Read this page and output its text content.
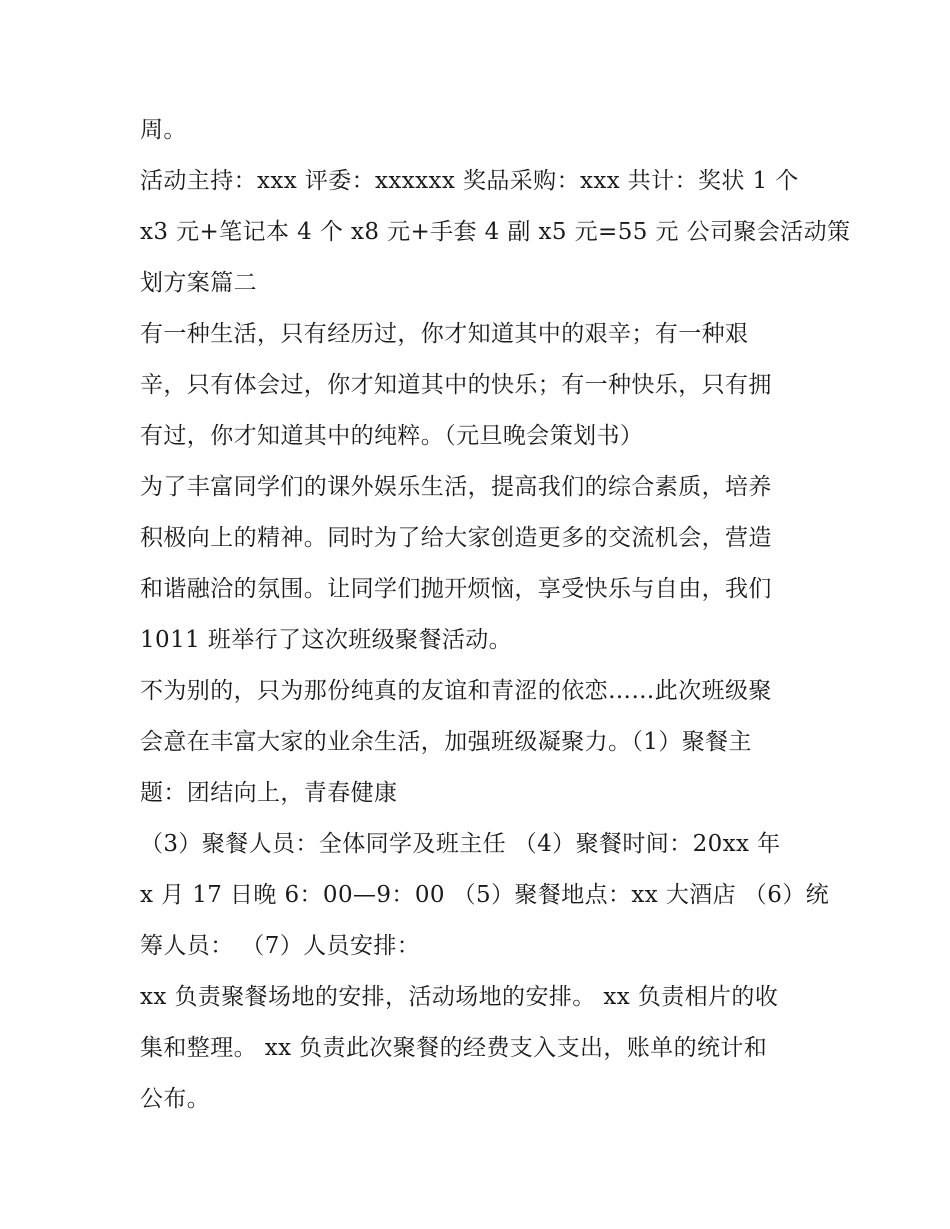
周。

活动主持：xxx 评委：xxxxxx 奖品采购：xxx 共计：奖状 1 个
x3 元+笔记本 4 个 x8 元+手套 4 副 x5 元=55 元 公司聚会活动策
划方案篇二

有一种生活，只有经历过，你才知道其中的艰辛；有一种艰
辛，只有体会过，你才知道其中的快乐；有一种快乐，只有拥
有过，你才知道其中的纯粹。（元旦晚会策划书）

为了丰富同学们的课外娱乐生活，提高我们的综合素质，培养
积极向上的精神。同时为了给大家创造更多的交流机会，营造
和谐融洽的氛围。让同学们抛开烦恼，享受快乐与自由，我们
1011 班举行了这次班级聚餐活动。

不为别的，只为那份纯真的友谊和青涩的依恋……此次班级聚
会意在丰富大家的业余生活，加强班级凝聚力。（1）聚餐主
题：团结向上，青春健康

（3）聚餐人员：全体同学及班主任 （4）聚餐时间：20xx 年
x 月 17 日晚 6：00—9：00 （5）聚餐地点：xx 大酒店 （6）统
筹人员： （7）人员安排：

xx 负责聚餐场地的安排，活动场地的安排。 xx 负责相片的收
集和整理。 xx 负责此次聚餐的经费支入支出，账单的统计和
公布。
